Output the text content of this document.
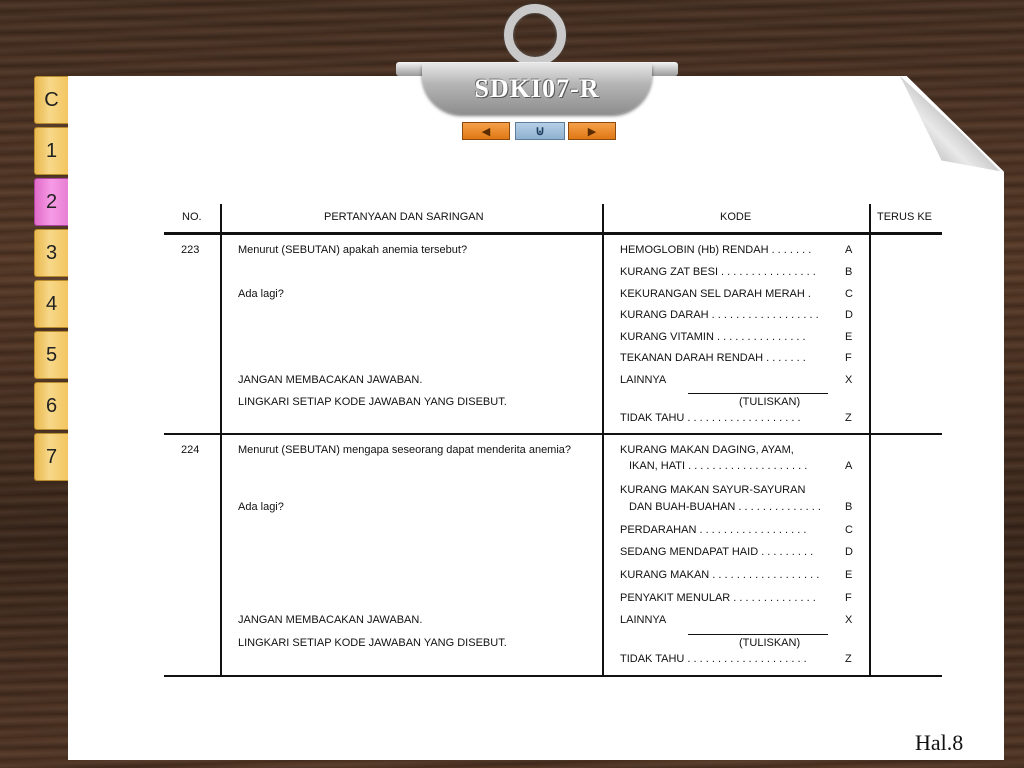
C
1
2
3
4
5
6
7
SDKI07-R
◀	⊍	▶
NO.	PERTANYAAN DAN SARINGAN	KODE	TERUS KE
223	Menurut (SEBUTAN) apakah anemia tersebut?
Ada lagi?
JANGAN MEMBACAKAN JAWABAN.
LINGKARI SETIAP KODE JAWABAN YANG DISEBUT.
HEMOGLOBIN (Hb) RENDAH . . . . . . .	A
KURANG ZAT BESI . . . . . . . . . . . . . . . .	B
KEKURANGAN SEL DARAH MERAH .	C
KURANG DARAH . . . . . . . . . . . . . . . . . . D
KURANG VITAMIN . . . . . . . . . . . . . . .	E
TEKANAN DARAH RENDAH . . . . . . .	F
LAINNYA	X
(TULISKAN)
TIDAK TAHU . . . . . . . . . . . . . . . . . . .	Z
224	Menurut (SEBUTAN) mengapa seseorang dapat menderita anemia?
Ada lagi?
JANGAN MEMBACAKAN JAWABAN.
LINGKARI SETIAP KODE JAWABAN YANG DISEBUT.
KURANG MAKAN DAGING, AYAM,
IKAN, HATI . . . . . . . . . . . . . . . . . . . .	A
KURANG MAKAN SAYUR-SAYURAN
DAN BUAH-BUAHAN . . . . . . . . . . . . . . B
PERDARAHAN . . . . . . . . . . . . . . . . . .	C
SEDANG MENDAPAT HAID . . . . . . . . .	D
KURANG MAKAN . . . . . . . . . . . . . . . . . . E
PENYAKIT MENULAR . . . . . . . . . . . . . .	F
LAINNYA	X
(TULISKAN)
TIDAK TAHU . . . . . . . . . . . . . . . . . . . .	Z
Hal.8
